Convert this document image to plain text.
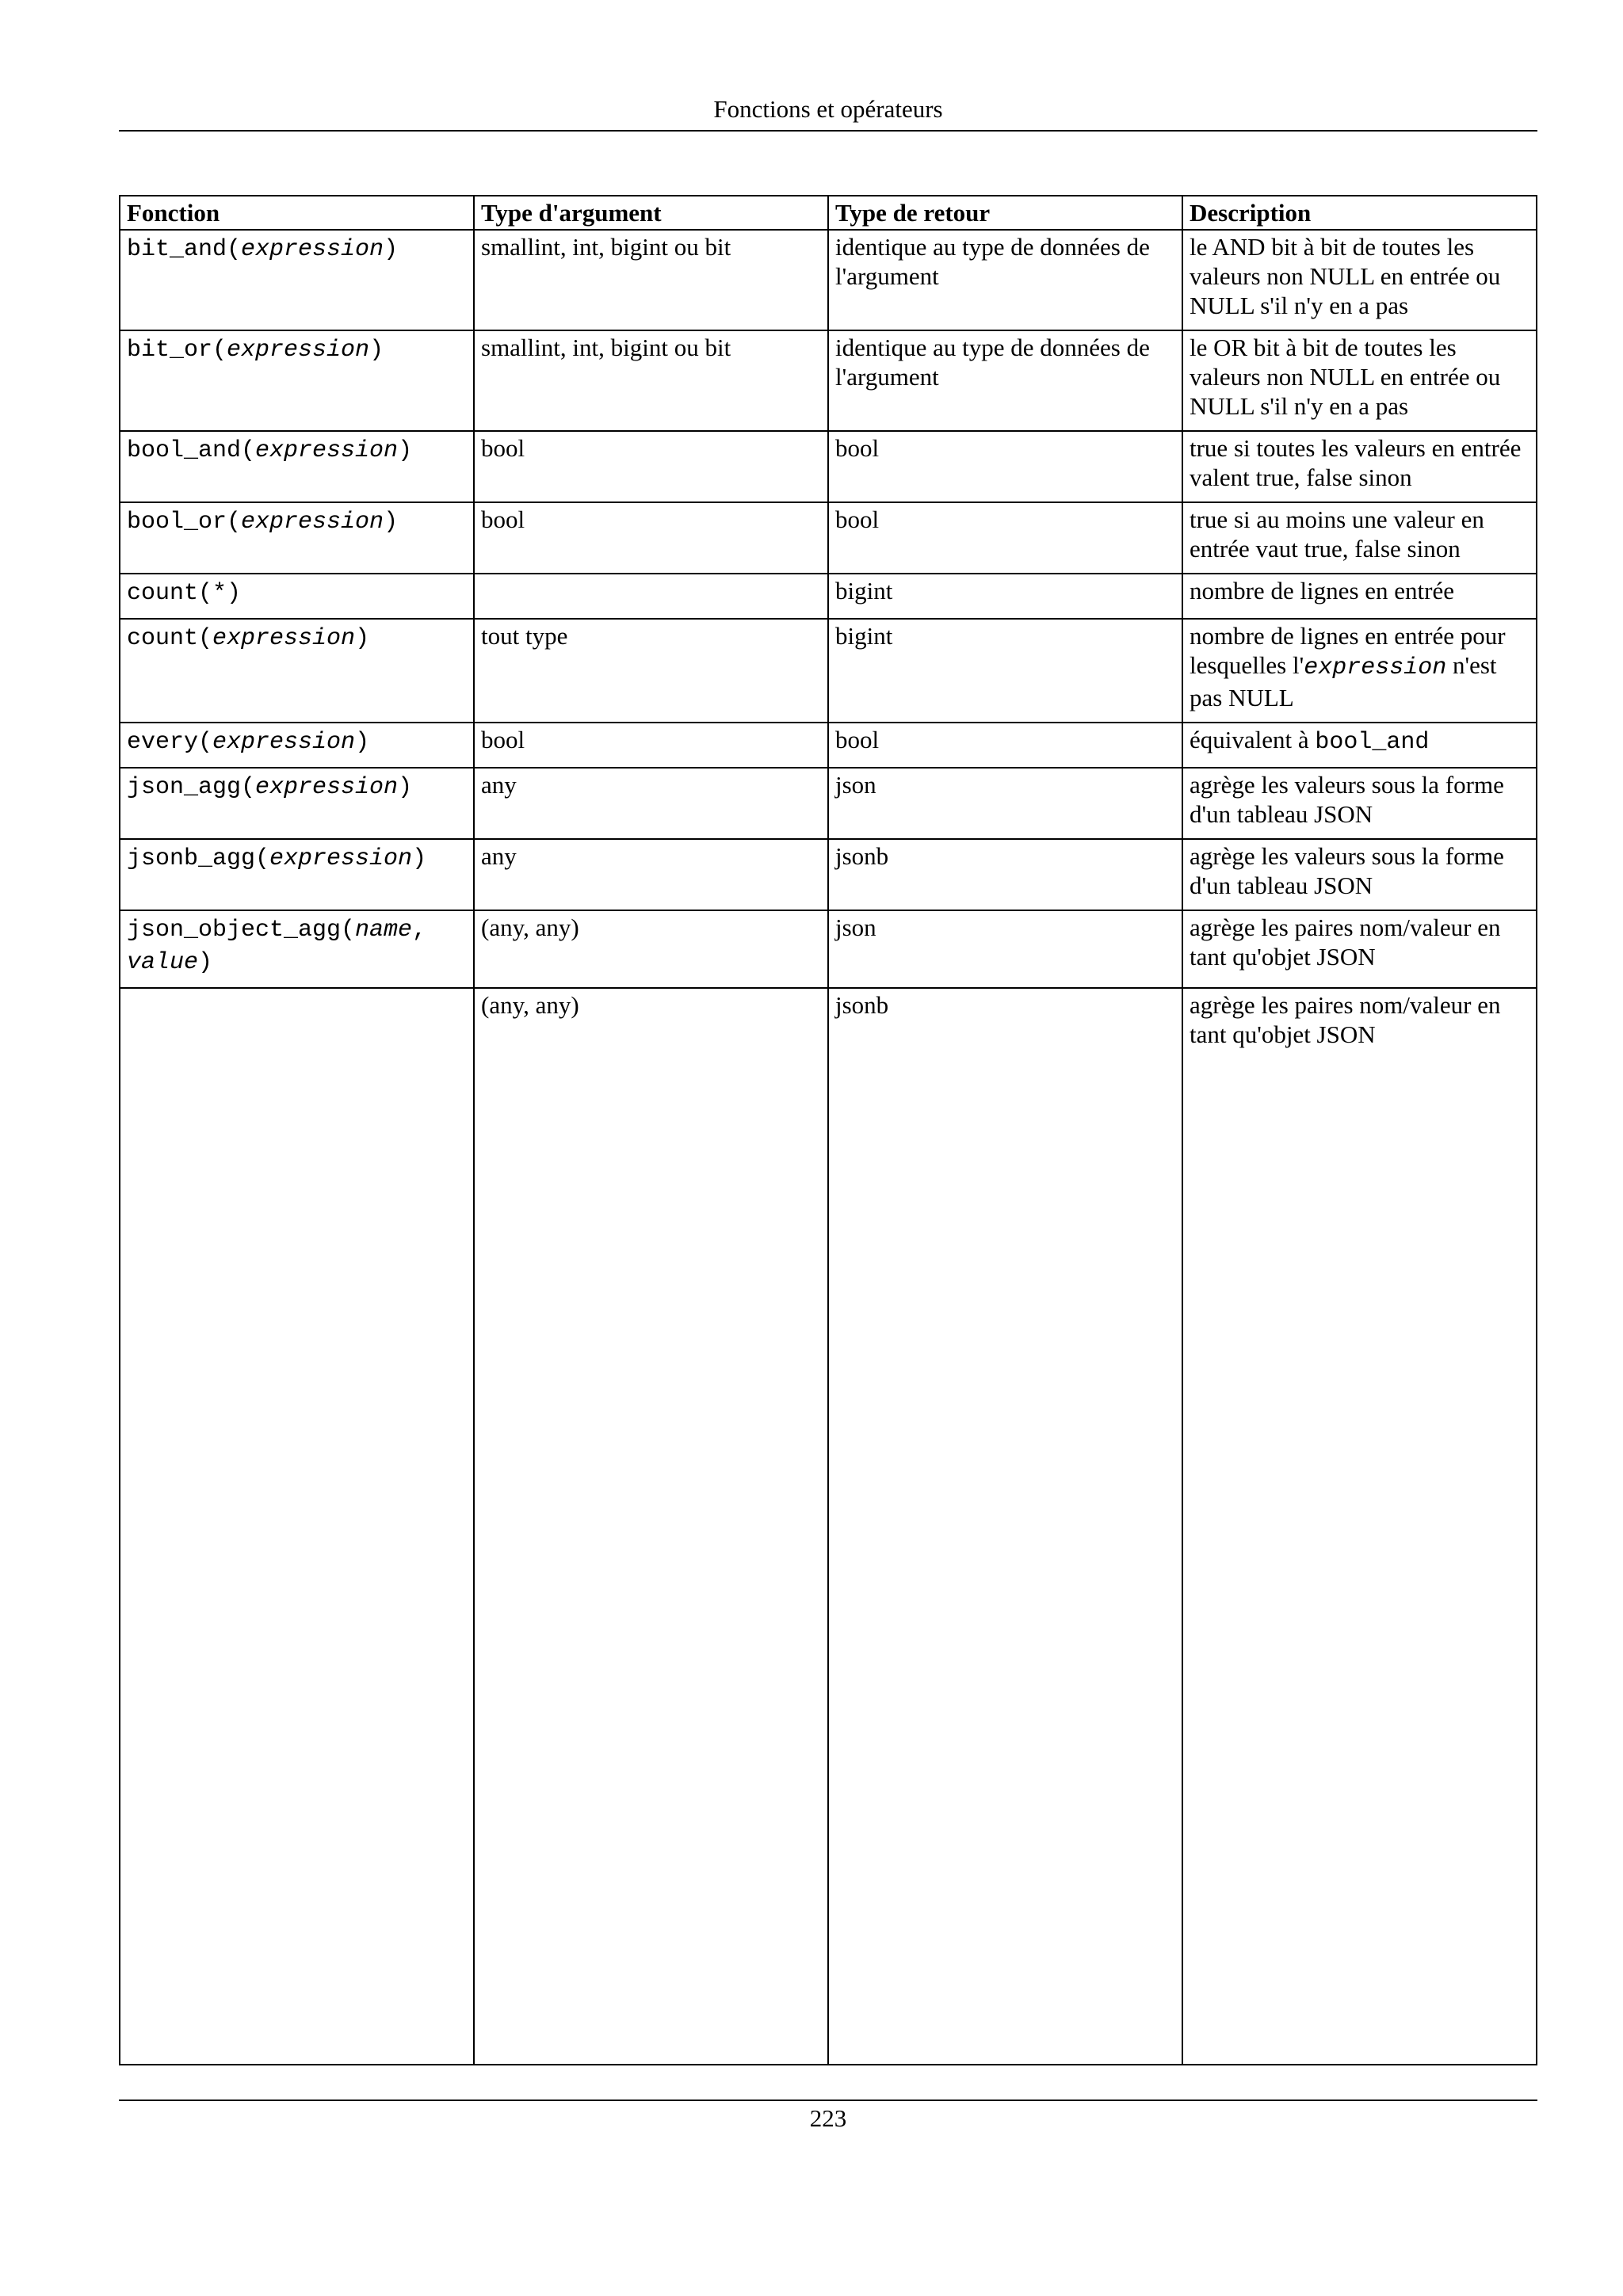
Fonctions et opérateurs
Fonction	Type d'argument	Type de retour	Description
bit_and(expression)	smallint, int, bigint ou bit	identique au type de données de l'argument	le AND bit à bit de toutes les valeurs non NULL en entrée ou NULL s'il n'y en a pas
bit_or(expression)	smallint, int, bigint ou bit	identique au type de données de l'argument	le OR bit à bit de toutes les valeurs non NULL en entrée ou NULL s'il n'y en a pas
bool_and(expression)	bool	bool	true si toutes les valeurs en entrée valent true, false sinon
bool_or(expression)	bool	bool	true si au moins une valeur en entrée vaut true, false sinon
count(*)		bigint	nombre de lignes en entrée
count(expression)	tout type	bigint	nombre de lignes en entrée pour lesquelles l'expression n'est pas NULL
every(expression)	bool	bool	équivalent à bool_and
json_agg(expression)	any	json	agrège les valeurs sous la forme d'un tableau JSON
jsonb_agg(expression)	any	jsonb	agrège les valeurs sous la forme d'un tableau JSON
json_object_agg(name, value)	(any, any)	json	agrège les paires nom/valeur en tant qu'objet JSON
	(any, any)	jsonb	agrège les paires nom/valeur en tant qu'objet JSON
223
